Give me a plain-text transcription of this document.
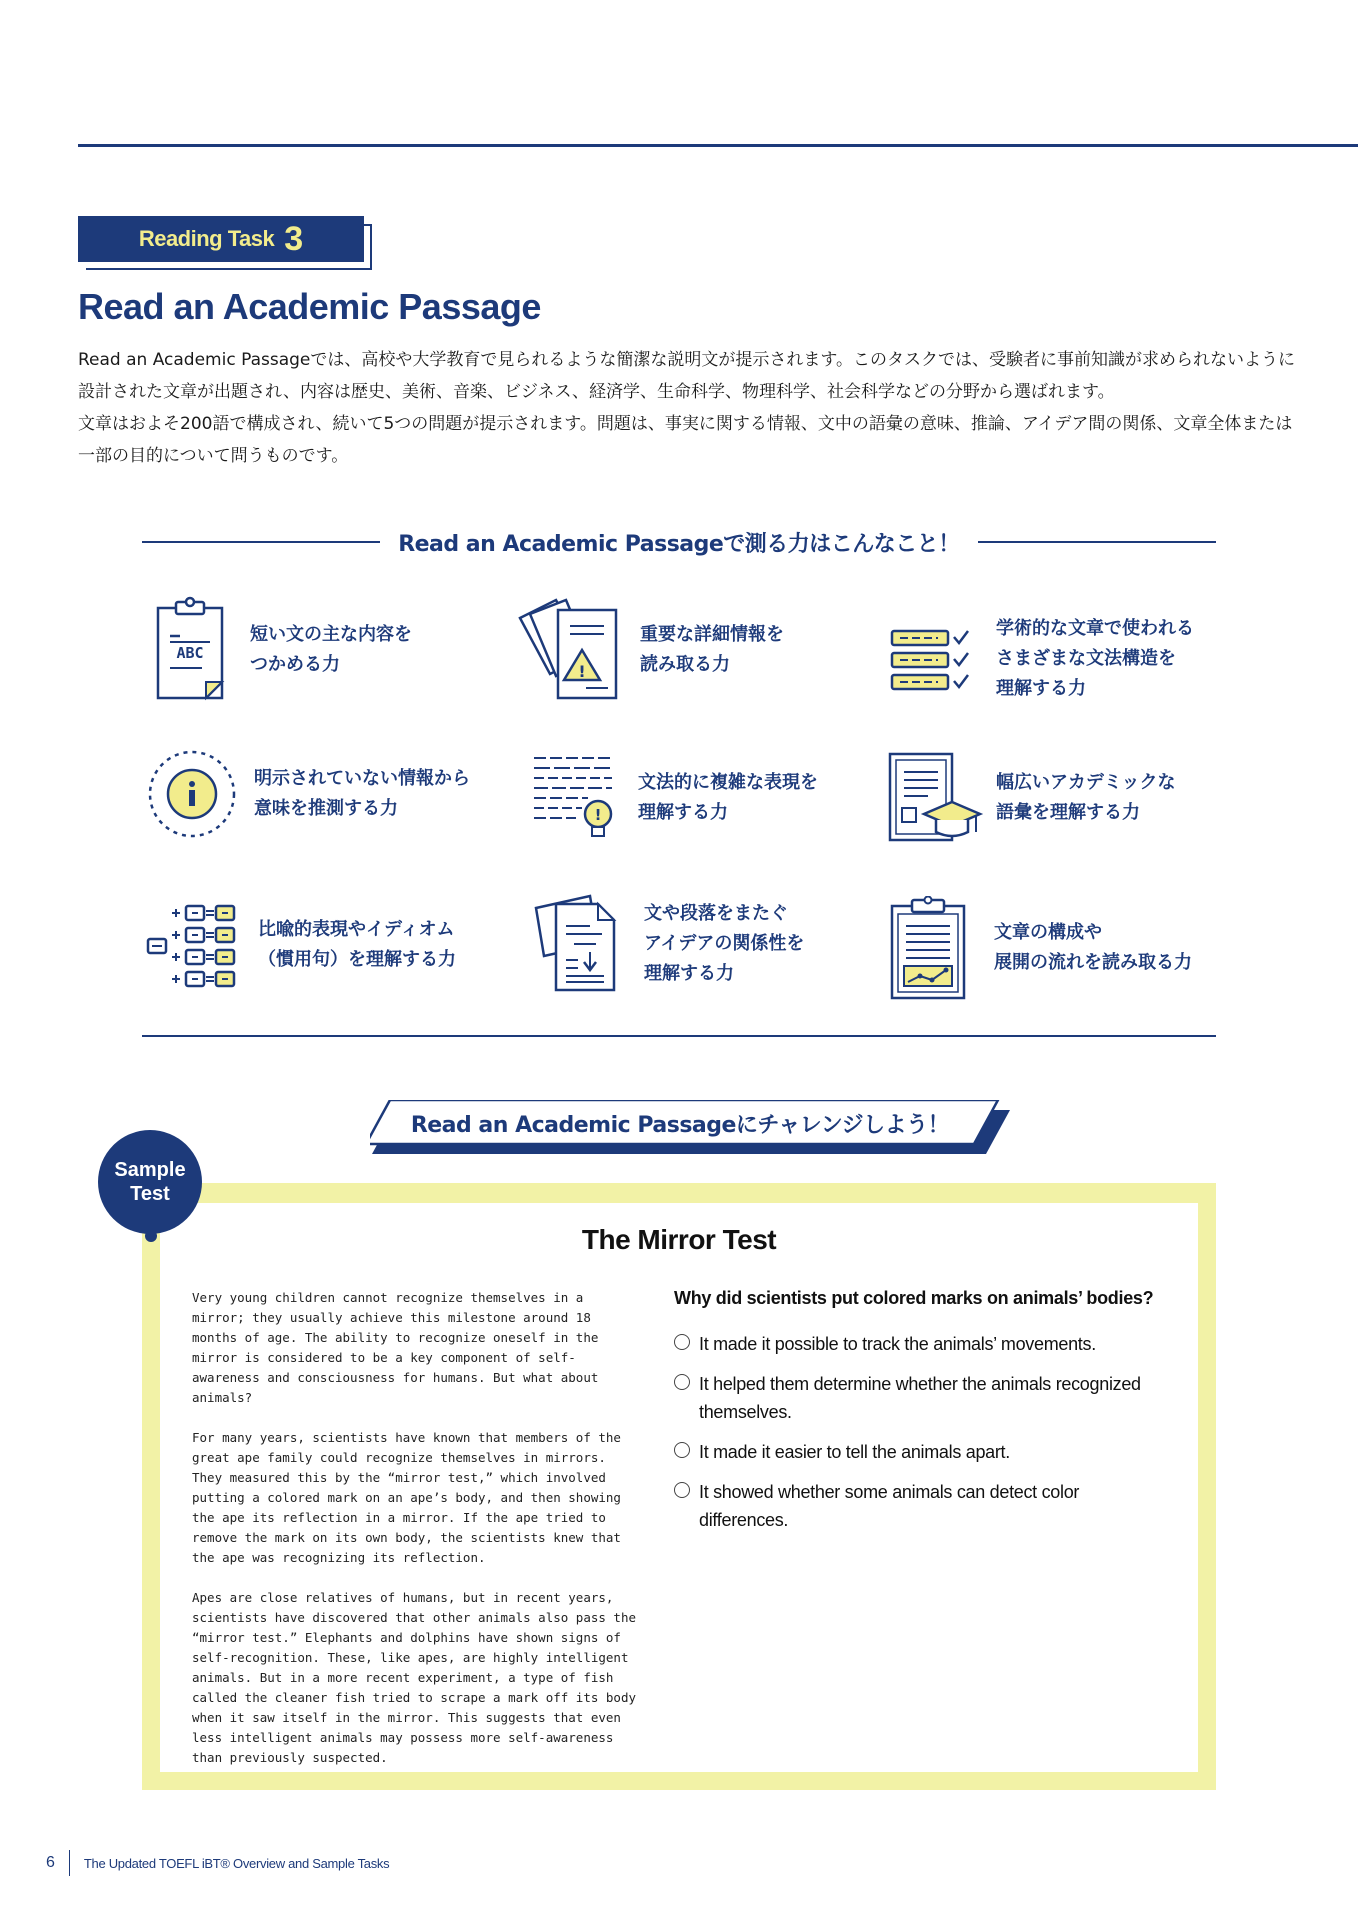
Reading Task 3
Read an Academic Passage

Read an Academic Passageでは、高校や大学教育で見られるような簡潔な説明文が提示されます。このタスクでは、受験者に事前知識が求められないように設計された文章が出題され、内容は歴史、美術、音楽、ビジネス、経済学、生命科学、物理科学、社会科学などの分野から選ばれます。

文章はおよそ200語で構成され、続いて5つの問題が提示されます。問題は、事実に関する情報、文中の語彙の意味、推論、アイデア間の関係、文章全体または一部の目的について問うものです。

Read an Academic Passageで測る力はこんなこと！
ABC
短い文の主な内容を
つかめる力	!
重要な詳細情報を
読み取る力
学術的な文章で使われる
さまざまな文法構造を
理解する力
明示されていない情報から
意味を推測する力	!
文法的に複雑な表現を
理解する力
幅広いアカデミックな
語彙を理解する力
比喩的表現やイディオム
（慣用句）を理解する力
文や段落をまたぐ
アイデアの関係性を
理解する力
文章の構成や
展開の流れを読み取る力
Read an Academic Passageにチャレンジしよう！
Sample
Test
The Mirror Test

Very young children cannot recognize themselves in a mirror; they usually achieve this milestone around 18 months of age. The ability to recognize oneself in the mirror is considered to be a key component of self-awareness and consciousness for humans. But what about animals?

For many years, scientists have known that members of the great ape family could recognize themselves in mirrors. They measured this by the “mirror test,” which involved putting a colored mark on an ape’s body, and then showing the ape its reflection in a mirror. If the ape tried to remove the mark on its own body, the scientists knew that the ape was recognizing its reflection.

Apes are close relatives of humans, but in recent years, scientists have discovered that other animals also pass the “mirror test.” Elephants and dolphins have shown signs of self-recognition. These, like apes, are highly intelligent animals. But in a more recent experiment, a type of fish called the cleaner fish tried to scrape a mark off its body when it saw itself in the mirror. This suggests that even less intelligent animals may possess more self-awareness than previously suspected.

Why did scientists put colored marks on animals’ bodies?
It made it possible to track the animals’ movements.
It helped them determine whether the animals recognized themselves.
It made it easier to tell the animals apart.
It showed whether some animals can detect color differences.
6 The Updated TOEFL iBT® Overview and Sample Tasks
